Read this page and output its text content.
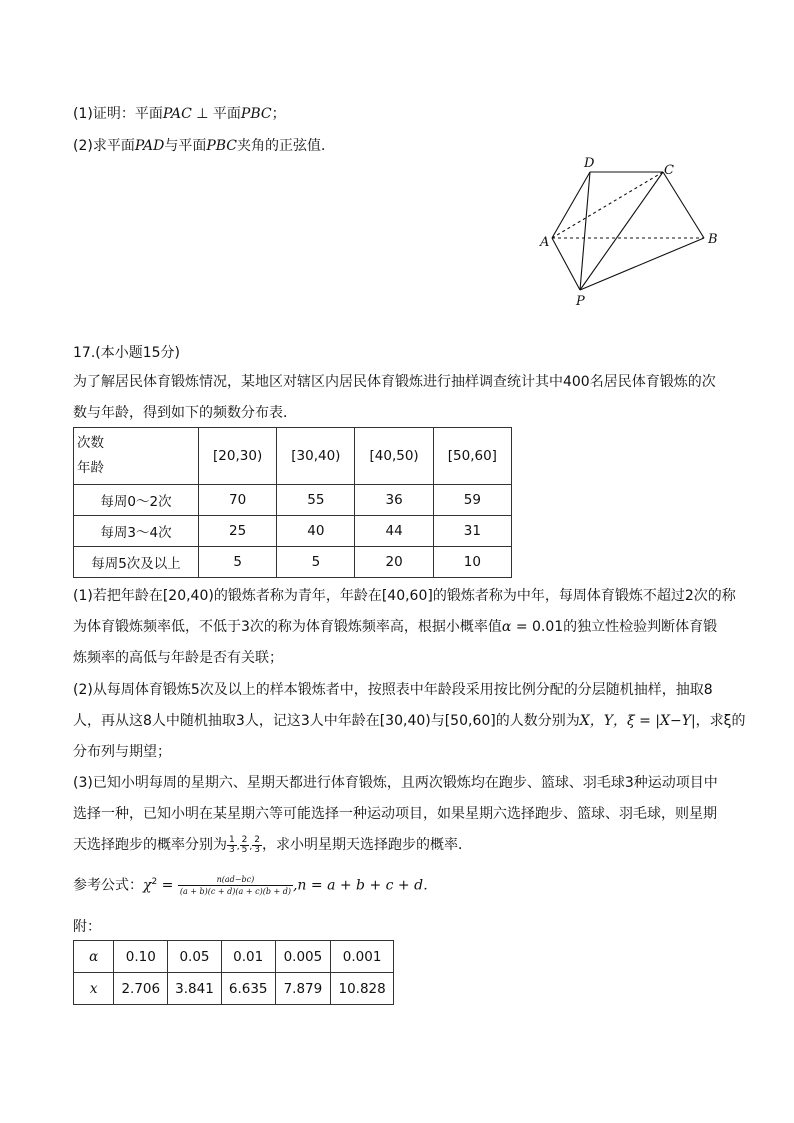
(1)证明：平面PAC ⊥ 平面PBC；
(2)求平面PAD与平面PBC夹角的正弦值．
D	C
A	B
P
17.(本小题15分)
为了解居民体育锻炼情况，某地区对辖区内居民体育锻炼进行抽样调查统计其中400名居民体育锻炼的次
数与年龄，得到如下的频数分布表．
次数
年龄	[20,30)	[30,40)	[40,50)	[50,60]
每周0～2次	70	55	36	59
每周3～4次	25	40	44	31
每周5次及以上	5	5	20	10
(1)若把年龄在[20,40)的锻炼者称为青年，年龄在[40,60]的锻炼者称为中年，每周体育锻炼不超过2次的称
为体育锻炼频率低，不低于3次的称为体育锻炼频率高，根据小概率值α = 0.01的独立性检验判断体育锻
炼频率的高低与年龄是否有关联；
(2)从每周体育锻炼5次及以上的样本锻炼者中，按照表中年龄段采用按比例分配的分层随机抽样，抽取8
人，再从这8人中随机抽取3人，记这3人中年龄在[30,40)与[50,60]的人数分别为X，Y，ξ = |X−Y|，求ξ的
分布列与期望；
(3)已知小明每周的星期六、星期天都进行体育锻炼，且两次锻炼均在跑步、篮球、羽毛球3种运动项目中
选择一种，已知小明在某星期六等可能选择一种运动项目，如果星期六选择跑步、篮球、羽毛球，则星期
天选择跑步的概率分别为 $\frac{1}{3}$ , $\frac{2}{5}$ , $\frac{2}{3}$ ，求小明星期天选择跑步的概率．
参考公式：$\chi^2 = \frac{n(ad-bc)}{(a + b)(c + d)(a + c)(b + d)} ,n = a + b + c + d$．
附：
α	0.10	0.05	0.01	0.005	0.001
x	2.706	3.841	6.635	7.879	10.828
